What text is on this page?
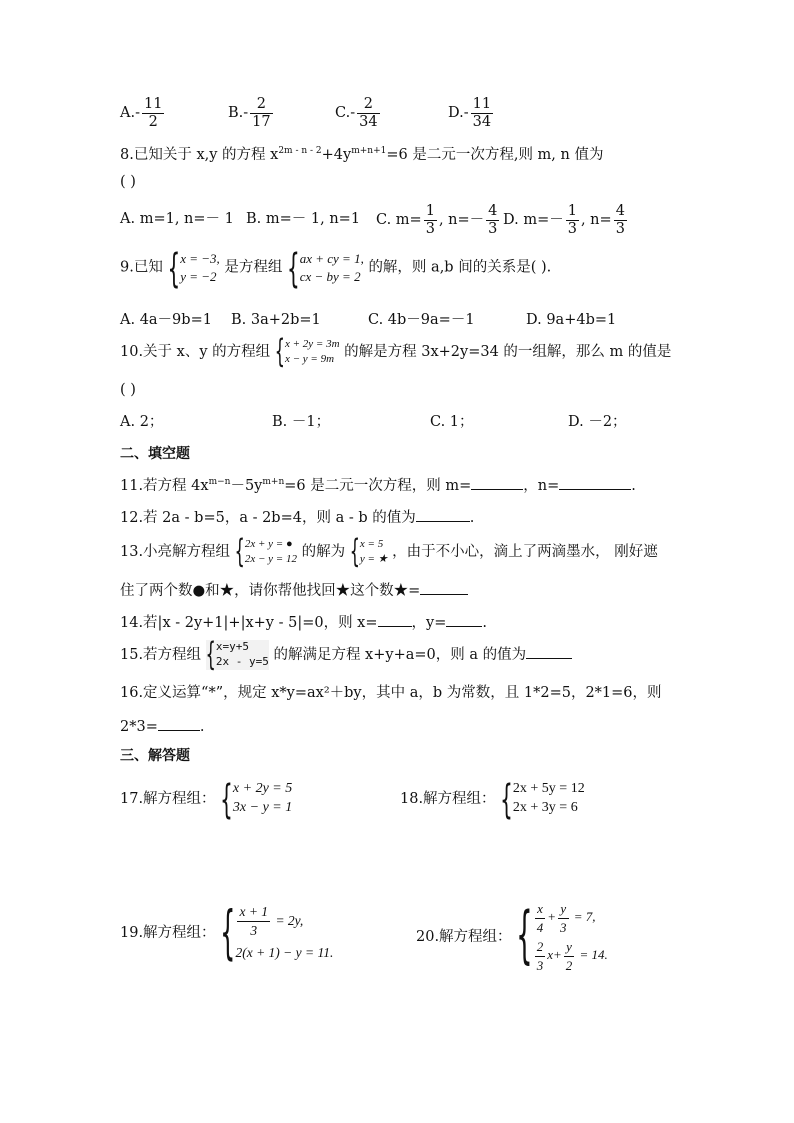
$A.- \frac{11}{2}$	$B.- \frac{2}{17}$	$C.- \frac{2}{34}$	$D.- \frac{11}{34}$
8.已知关于 x,y 的方程 $x^{2m - n - 2}+4y^{m+n+1}=6$ 是二元一次方程,则 m, n 值为
( )
A. m=1, n=－ 1 B. m=－ 1, n=1 C. $m= \frac{1}{3}$ , $n=- \frac{4}{3} D$. $m=- \frac{1}{3}$ , $n= \frac{4}{3}$
9.已知 { x = −3,
y = −2
是方程组 { ax + cy = 1,
cx − by = 2
的解，则 a,b 间的关系是( ).
A. 4a－9b=1 B. 3a+2b=1	C. 4b－9a=－1	D. 9a+4b=1
10.关于 x、y 的方程组 { x + 2y = 3m
x − y = 9m 的解是方程 3x+2y=34 的一组解，那么 m 的值是
( )
A. 2；	B. －1；	C. 1；	D. －2；
二、填空题
11.若方程 $4x^{m-n}-5y^{m+n}=6$ 是二元一次方程，则 m=	，n=	.
12.若 2a - b=5，a - 2b=4，则 a - b 的值为	.
13.小亮解方程组 { 2x + y = ●
2x − y = 12 的解为 { x = 5
y = ★ ，由于不小心，滴上了两滴墨水， 刚好遮
住了两个数●和★，请你帮他找回★这个数★=
14.若|x - 2y+1|+|x+y - 5|=0，则 x= ，y= .
15.若方程组 { x=y+5
2x - y=5 的解满足方程 x+y+a=0，则 a 的值为
16.定义运算“*”，规定 x*y=ax²＋by，其中 a，b 为常数，且 1*2=5，2*1=6，则
2*3=	.
三、解答题
17.解方程组： { x + 2y = 5
3x − y = 1
18.解方程组： { 2x + 5y = 12
2x + 3y = 6
19.解方程组： { $\frac{x + 1}{3} = 2y$,
2(x + 1) − y = 11.
20.解方程组： { $\frac{x}{4} + \frac{y}{3} = 7$,
$\frac{2}{3} x+ \frac{y}{2} = 14$.
